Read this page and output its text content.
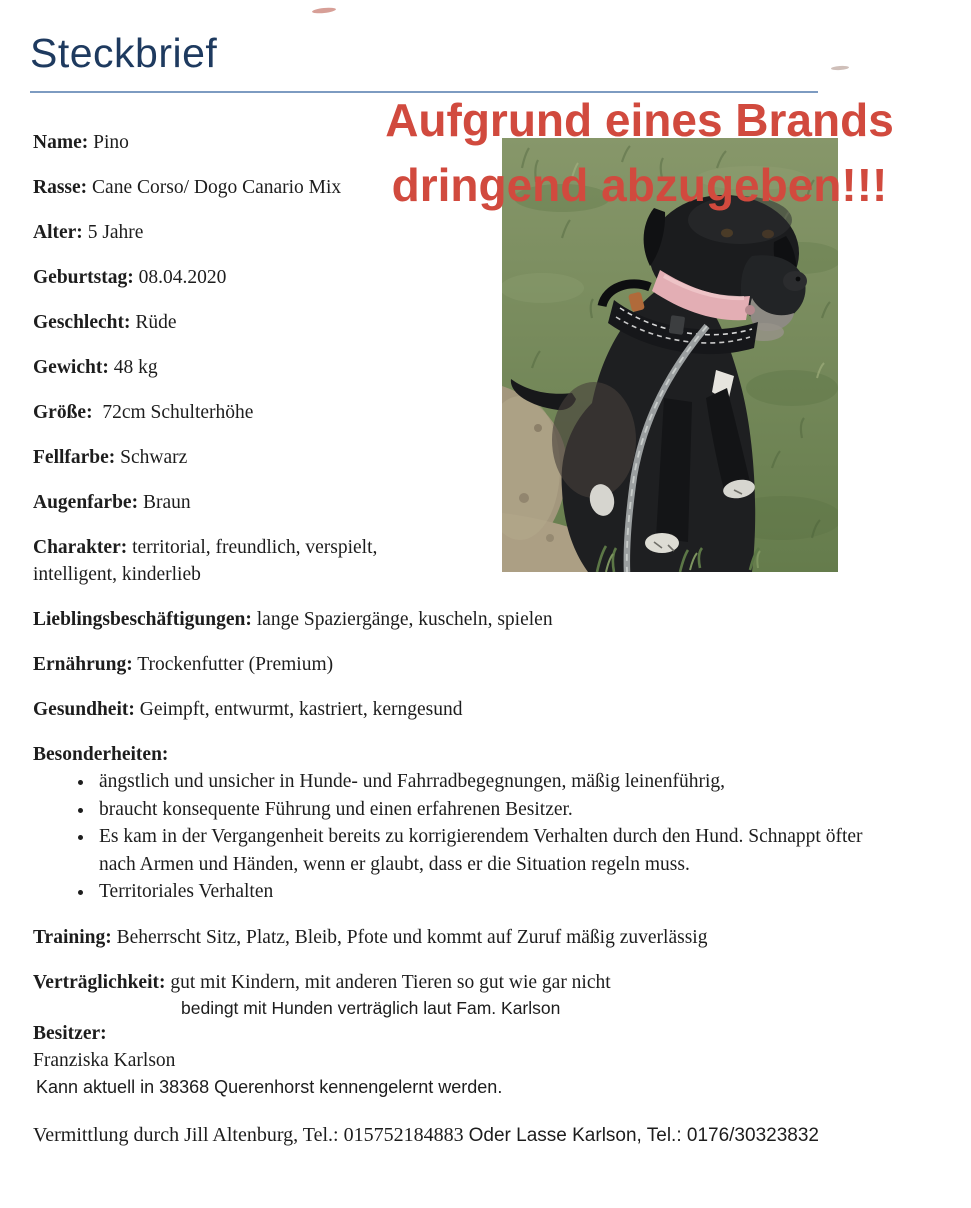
Steckbrief
Aufgrund eines Brands
dringend abzugeben!!!

Name: Pino

Rasse: Cane Corso/ Dogo Canario Mix

Alter: 5 Jahre

Geburtstag: 08.04.2020

Geschlecht: Rüde

Gewicht: 48 kg

Größe: 72cm Schulterhöhe

Fellfarbe: Schwarz

Augenfarbe: Braun

Charakter: territorial, freundlich, verspielt, intelligent, kinderlieb

Lieblingsbeschäftigungen: lange Spaziergänge, kuscheln, spielen

Ernährung: Trockenfutter (Premium)

Gesundheit: Geimpft, entwurmt, kastriert, kerngesund

Besonderheiten:

• ängstlich und unsicher in Hunde- und Fahrradbegegnungen, mäßig leinenführig,
• braucht konsequente Führung und einen erfahrenen Besitzer.
• Es kam in der Vergangenheit bereits zu korrigierendem Verhalten durch den Hund. Schnappt öfter nach Armen und Händen, wenn er glaubt, dass er die Situation regeln muss.
• Territoriales Verhalten

Training: Beherrscht Sitz, Platz, Bleib, Pfote und kommt auf Zuruf mäßig zuverlässig

Verträglichkeit: gut mit Kindern, mit anderen Tieren so gut wie gar nicht

bedingt mit Hunden verträglich laut Fam. Karlson

Besitzer:

Franziska Karlson

Kann aktuell in 38368 Querenhorst kennengelernt werden.

Vermittlung durch Jill Altenburg, Tel.: 015752184883 Oder Lasse Karlson, Tel.: 0176/30323832
